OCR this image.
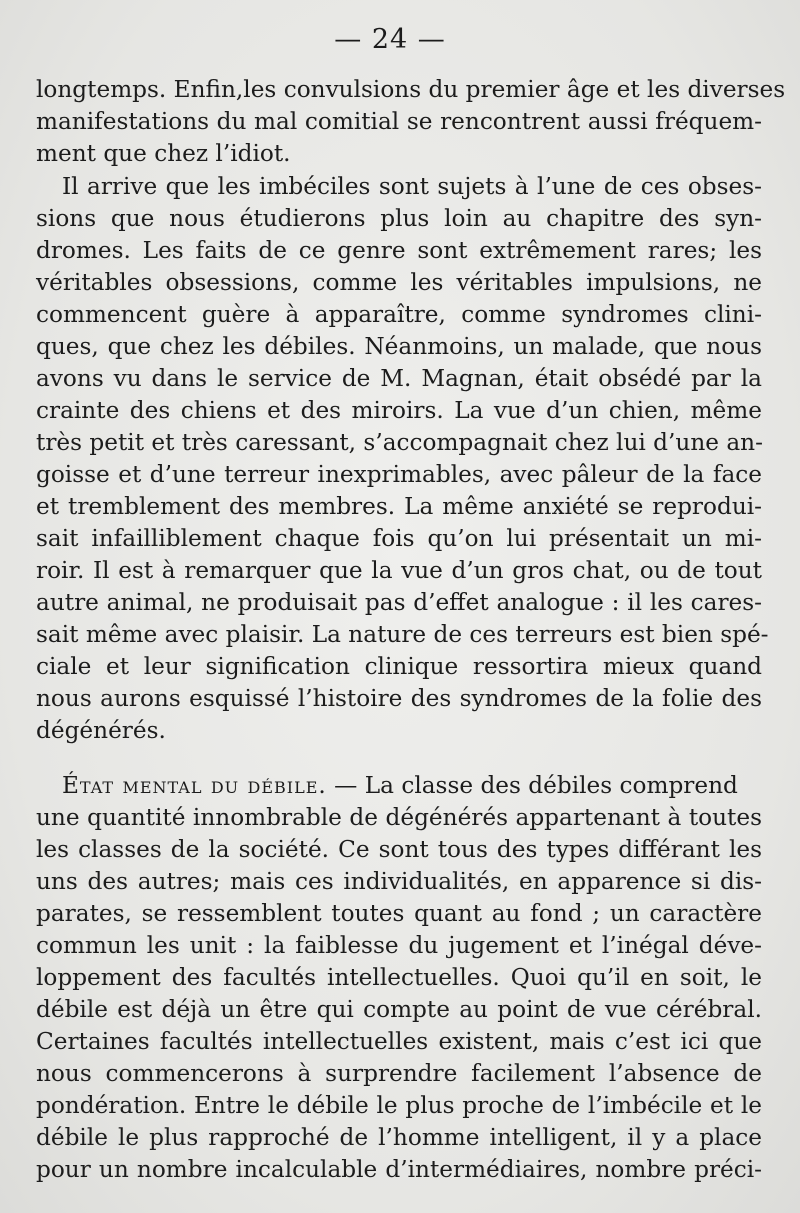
— 24 —
longtemps. Enfin,les convulsions du premier âge et les diverses
manifestations du mal comitial se rencontrent aussi fréquem-
ment que chez l’idiot.
Il arrive que les imbéciles sont sujets à l’une de ces obses-
sions que nous étudierons plus loin au chapitre des syn-
dromes. Les faits de ce genre sont extrêmement rares; les
véritables obsessions, comme les véritables impulsions, ne
commencent guère à apparaître, comme syndromes clini-
ques, que chez les débiles. Néanmoins, un malade, que nous
avons vu dans le service de M. Magnan, était obsédé par la
crainte des chiens et des miroirs. La vue d’un chien, même
très petit et très caressant, s’accompagnait chez lui d’une an-
goisse et d’une terreur inexprimables, avec pâleur de la face
et tremblement des membres. La même anxiété se reprodui-
sait infailliblement chaque fois qu’on lui présentait un mi-
roir. Il est à remarquer que la vue d’un gros chat, ou de tout
autre animal, ne produisait pas d’effet analogue : il les cares-
sait même avec plaisir. La nature de ces terreurs est bien spé-
ciale et leur signification clinique ressortira mieux quand
nous aurons esquissé l’histoire des syndromes de la folie des
dégénérés.
État mental du débile. — La classe des débiles comprend
une quantité innombrable de dégénérés appartenant à toutes
les classes de la société. Ce sont tous des types différant les
uns des autres; mais ces individualités, en apparence si dis-
parates, se ressemblent toutes quant au fond ; un caractère
commun les unit : la faiblesse du jugement et l’inégal déve-
loppement des facultés intellectuelles. Quoi qu’il en soit, le
débile est déjà un être qui compte au point de vue cérébral.
Certaines facultés intellectuelles existent, mais c’est ici que
nous commencerons à surprendre facilement l’absence de
pondération. Entre le débile le plus proche de l’imbécile et le
débile le plus rapproché de l’homme intelligent, il y a place
pour un nombre incalculable d’intermédiaires, nombre préci-
